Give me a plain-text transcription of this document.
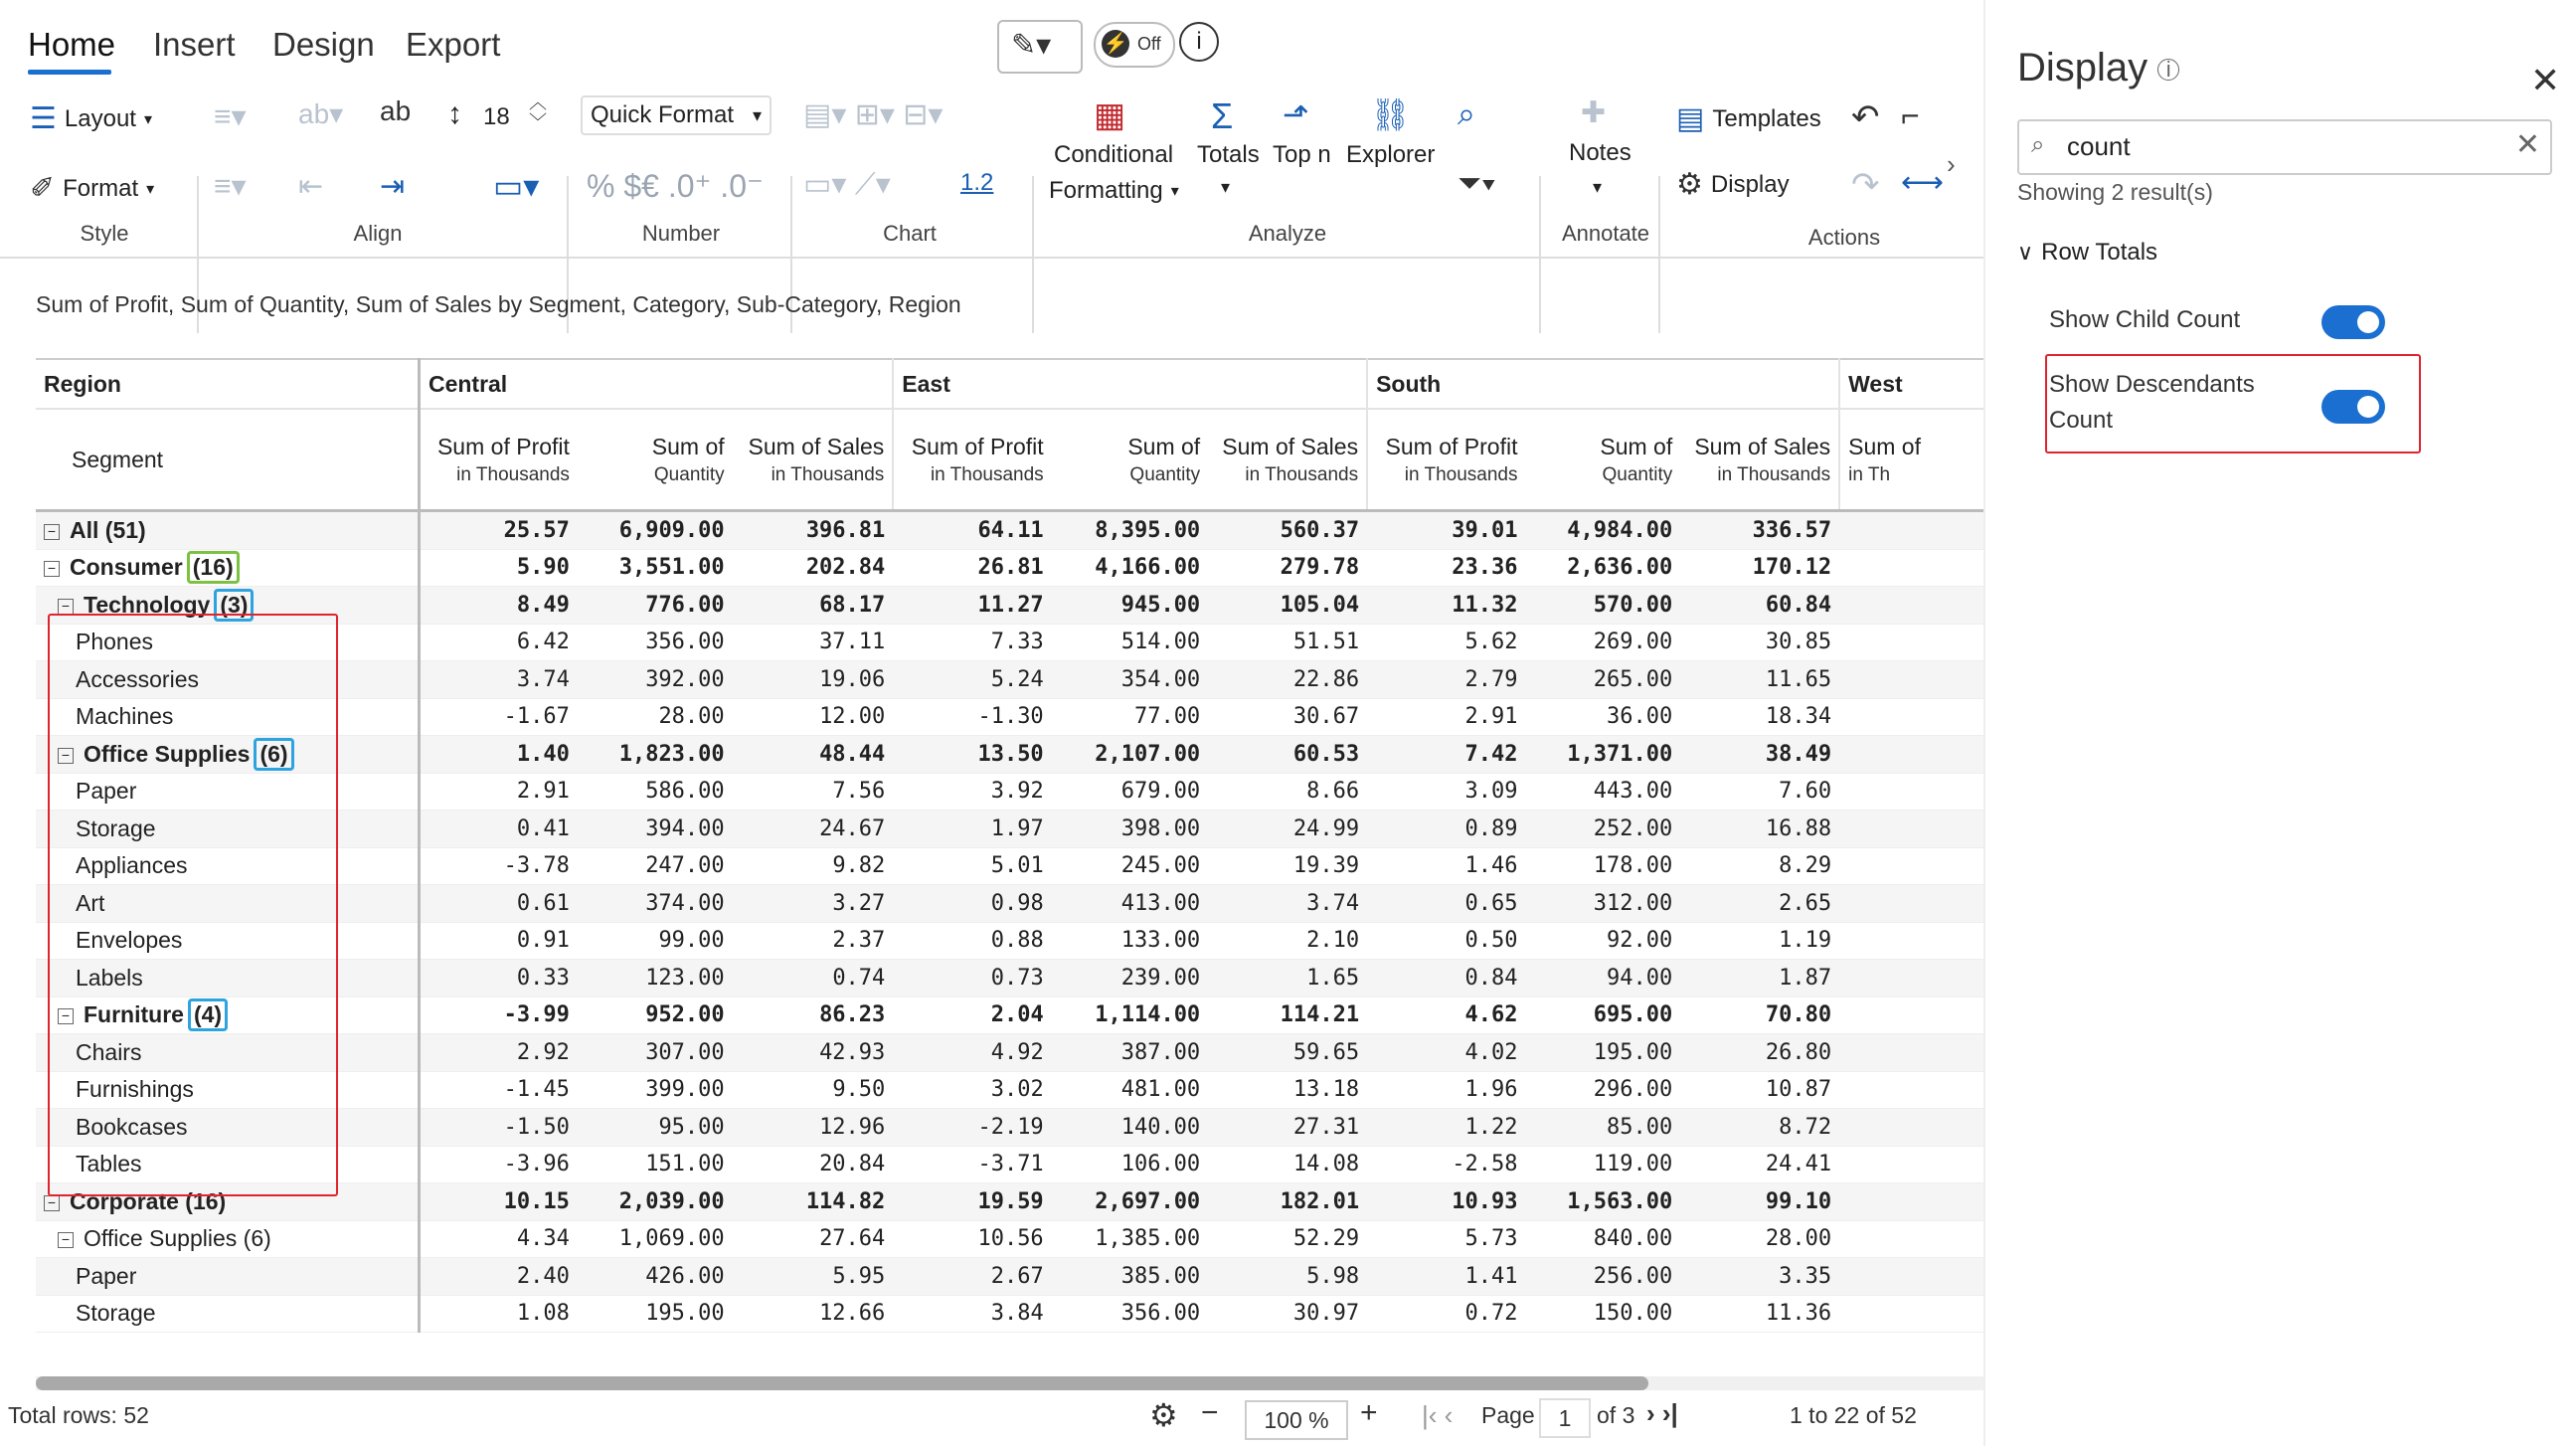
Home Insert Design Export	✎▾	⚡ Off	i
☰ Layout ▾
✐ Format ▾
Style
≡▾ ab▾ ab
≡▾ ⇤ ⇥
Align
↕ 18
︿
﹀
▭▾
Quick Format ▾
% $€ .0⁺ .0⁻
Number
▤▾ ⊞▾ ⊟▾
▭▾ ⟋▾	1.2
Chart
▦
Conditional
Formatting ▾
Σ
Totals
▾
⬏
Top n
⛓
Explorer
⌕
⏷▾
Analyze
✚
Notes
▾
Annotate
▤ Templates
⚙ Display
↶
↷
⌐
⟷
Actions
›
Sum of Profit, Sum of Quantity, Sum of Sales by Segment, Category, Sub-Category, Region
Region	Central			East			South			West
Segment	Sum of Profit
in Thousands	Sum of
Quantity	Sum of Sales
in Thousands	Sum of Profit
in Thousands	Sum of
Quantity	Sum of Sales
in Thousands	Sum of Profit
in Thousands	Sum of
Quantity	Sum of Sales
in Thousands	Sum of
in Th

− All (51)	25.57	6,909.00	396.81	64.11	8,395.00	560.37	39.01	4,984.00	336.57	
− Consumer (16)	5.90	3,551.00	202.84	26.81	4,166.00	279.78	23.36	2,636.00	170.12	
− Technology (3)	8.49	776.00	68.17	11.27	945.00	105.04	11.32	570.00	60.84	
Phones	6.42	356.00	37.11	7.33	514.00	51.51	5.62	269.00	30.85	
Accessories	3.74	392.00	19.06	5.24	354.00	22.86	2.79	265.00	11.65	
Machines	-1.67	28.00	12.00	-1.30	77.00	30.67	2.91	36.00	18.34	
− Office Supplies (6)	1.40	1,823.00	48.44	13.50	2,107.00	60.53	7.42	1,371.00	38.49	
Paper	2.91	586.00	7.56	3.92	679.00	8.66	3.09	443.00	7.60	
Storage	0.41	394.00	24.67	1.97	398.00	24.99	0.89	252.00	16.88	
Appliances	-3.78	247.00	9.82	5.01	245.00	19.39	1.46	178.00	8.29	
Art	0.61	374.00	3.27	0.98	413.00	3.74	0.65	312.00	2.65	
Envelopes	0.91	99.00	2.37	0.88	133.00	2.10	0.50	92.00	1.19	
Labels	0.33	123.00	0.74	0.73	239.00	1.65	0.84	94.00	1.87	
− Furniture (4)	-3.99	952.00	86.23	2.04	1,114.00	114.21	4.62	695.00	70.80	
Chairs	2.92	307.00	42.93	4.92	387.00	59.65	4.02	195.00	26.80	
Furnishings	-1.45	399.00	9.50	3.02	481.00	13.18	1.96	296.00	10.87	
Bookcases	-1.50	95.00	12.96	-2.19	140.00	27.31	1.22	85.00	8.72	
Tables	-3.96	151.00	20.84	-3.71	106.00	14.08	-2.58	119.00	24.41	
− Corporate (16)	10.15	2,039.00	114.82	19.59	2,697.00	182.01	10.93	1,563.00	99.10	
− Office Supplies (6)	4.34	1,069.00	27.64	10.56	1,385.00	52.29	5.73	840.00	28.00	
Paper	2.40	426.00	5.95	2.67	385.00	5.98	1.41	256.00	3.35	
Storage	1.08	195.00	12.66	3.84	356.00	30.97	0.72	150.00	11.36	
Total rows: 52	⚙ −	100 %	+ |‹ ‹ Page	1	of 3 › ›|	1 to 22 of 52
Display i	✕
⌕ count	✕
Showing 2 result(s)
∨ Row Totals
Show Child Count
Show Descendants
Count
